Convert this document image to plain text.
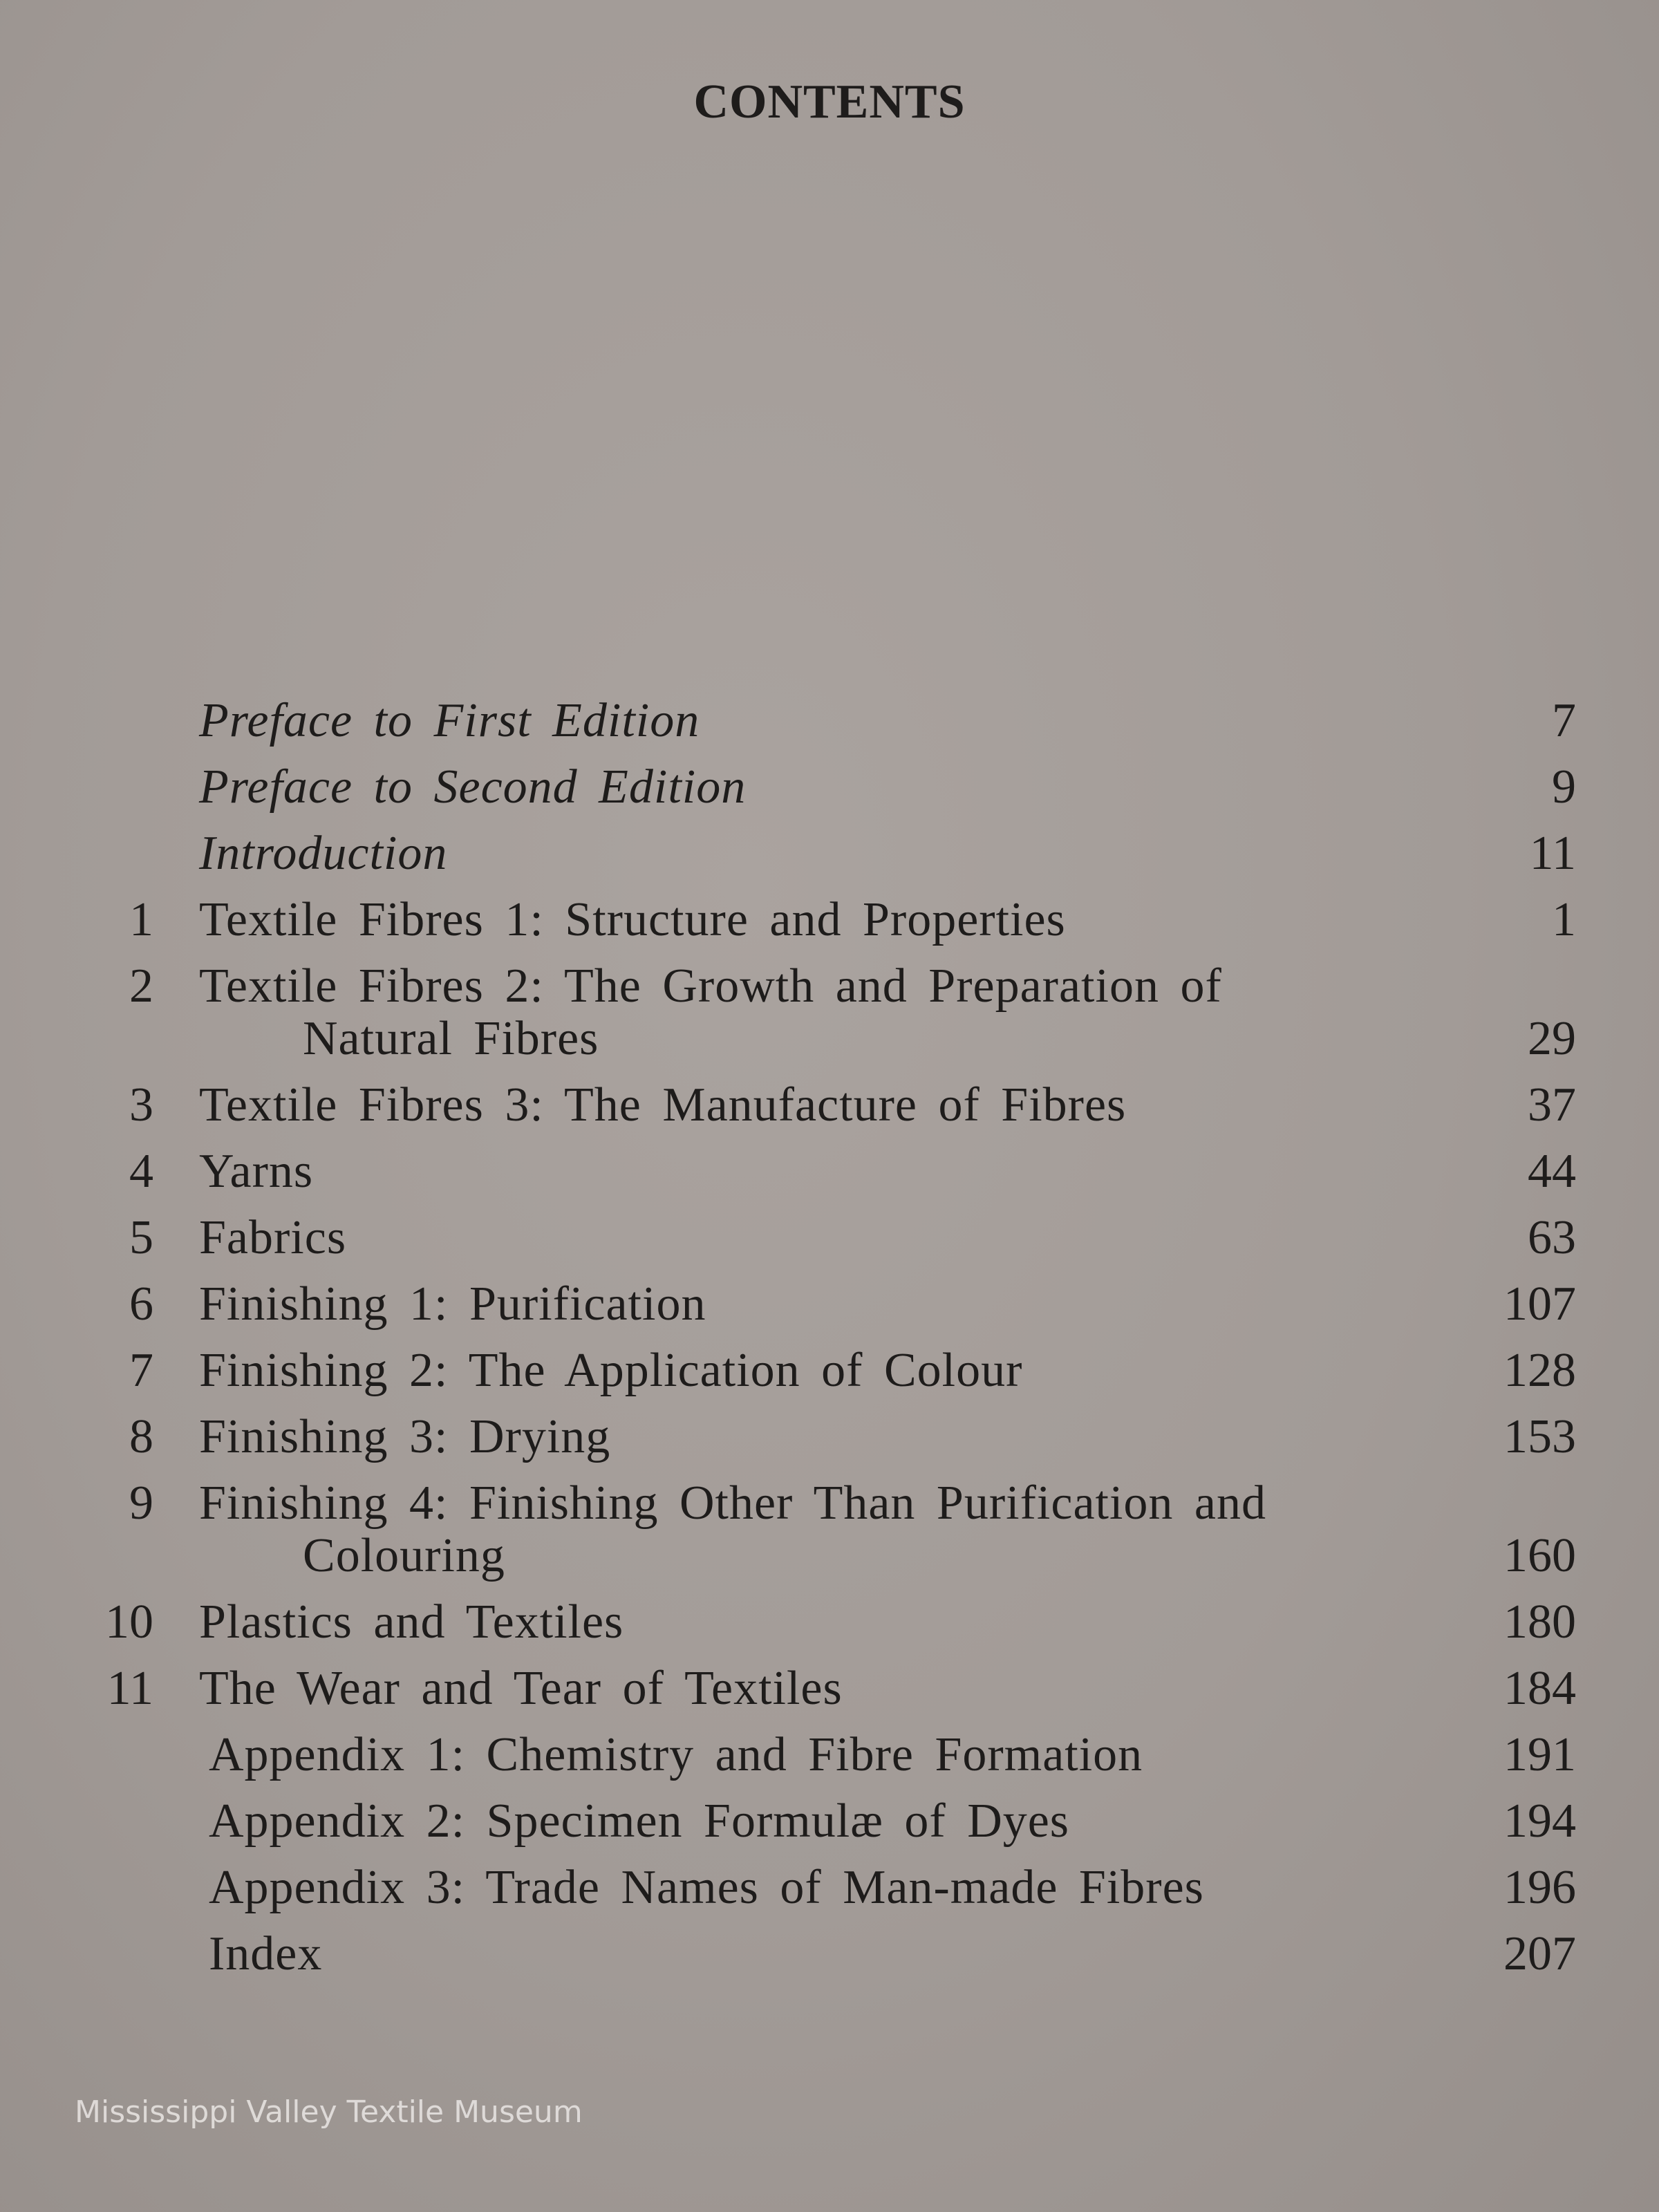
CONTENTS
Preface to First Edition	7
Preface to Second Edition	9
Introduction	11
1 Textile Fibres 1: Structure and Properties	1
2 Textile Fibres 2: The Growth and Preparation of
Natural Fibres	29
3 Textile Fibres 3: The Manufacture of Fibres	37
4 Yarns	44
5 Fabrics	63
6 Finishing 1: Purification	107
7 Finishing 2: The Application of Colour	128
8 Finishing 3: Drying	153
9 Finishing 4: Finishing Other Than Purification and
Colouring	160
10 Plastics and Textiles	180
11 The Wear and Tear of Textiles	184
Appendix 1: Chemistry and Fibre Formation	191
Appendix 2: Specimen Formulæ of Dyes	194
Appendix 3: Trade Names of Man-made Fibres	196
Index	207
Mississippi Valley Textile Museum
